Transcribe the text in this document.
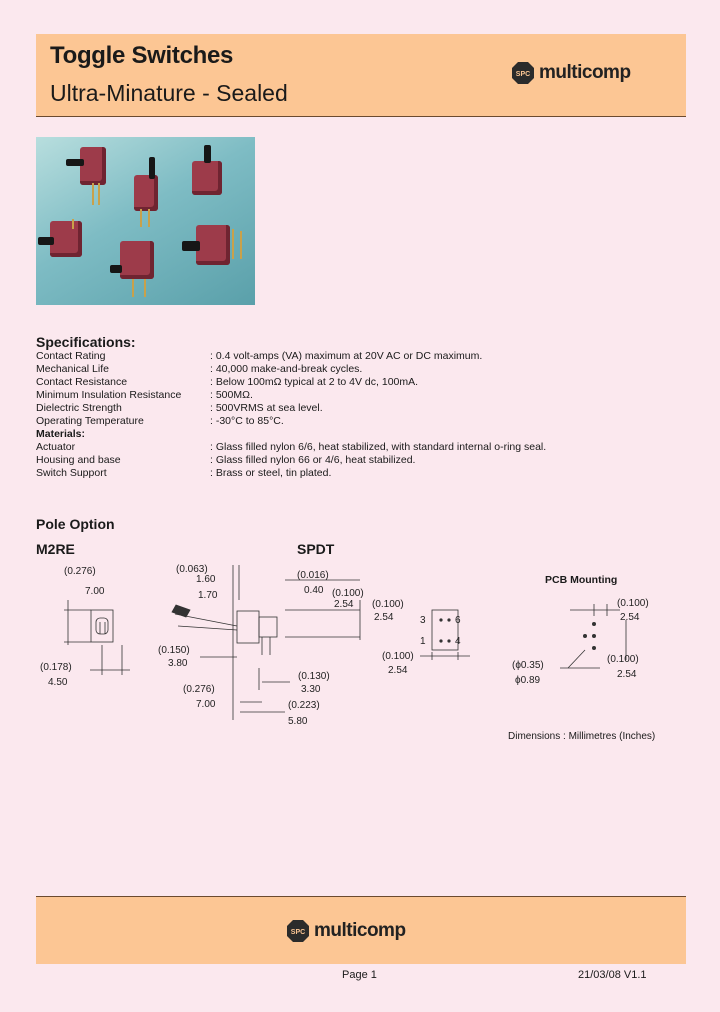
Toggle Switches
Ultra-Minature - Sealed
SPC multicomp
Specifications:
Contact Rating	: 0.4 volt-amps (VA) maximum at 20V AC or DC maximum.
Mechanical Life	: 40,000 make-and-break cycles.
Contact Resistance	: Below 100mΩ typical at 2 to 4V dc, 100mA.
Minimum Insulation Resistance	: 500MΩ.
Dielectric Strength	: 500VRMS at sea level.
Operating Temperature	: -30°C to 85°C.
Materials:	
Actuator	: Glass filled nylon 6/6, heat stabilized, with standard internal o-ring seal.
Housing and base	: Glass filled nylon 66 or 4/6, heat stabilized.
Switch Support	: Brass or steel, tin plated.
Pole Option
M2RE	SPDT
PCB Mounting
(0.276)
7.00
(0.178)
4.50
(0.063)
1.60
1.70
(0.016)
0.40 (0.100)
2.54
(0.150)
3.80
(0.130)
3.30
(0.276)
7.00	(0.223)
5.80
3	6
1	4
(0.100)
2.54
(0.100)
2.54
(0.100)
2.54
(ϕ0.35)
ϕ0.89
(0.100)
2.54
Dimensions : Millimetres (Inches)
SPC multicomp
Page 1	21/03/08 V1.1
